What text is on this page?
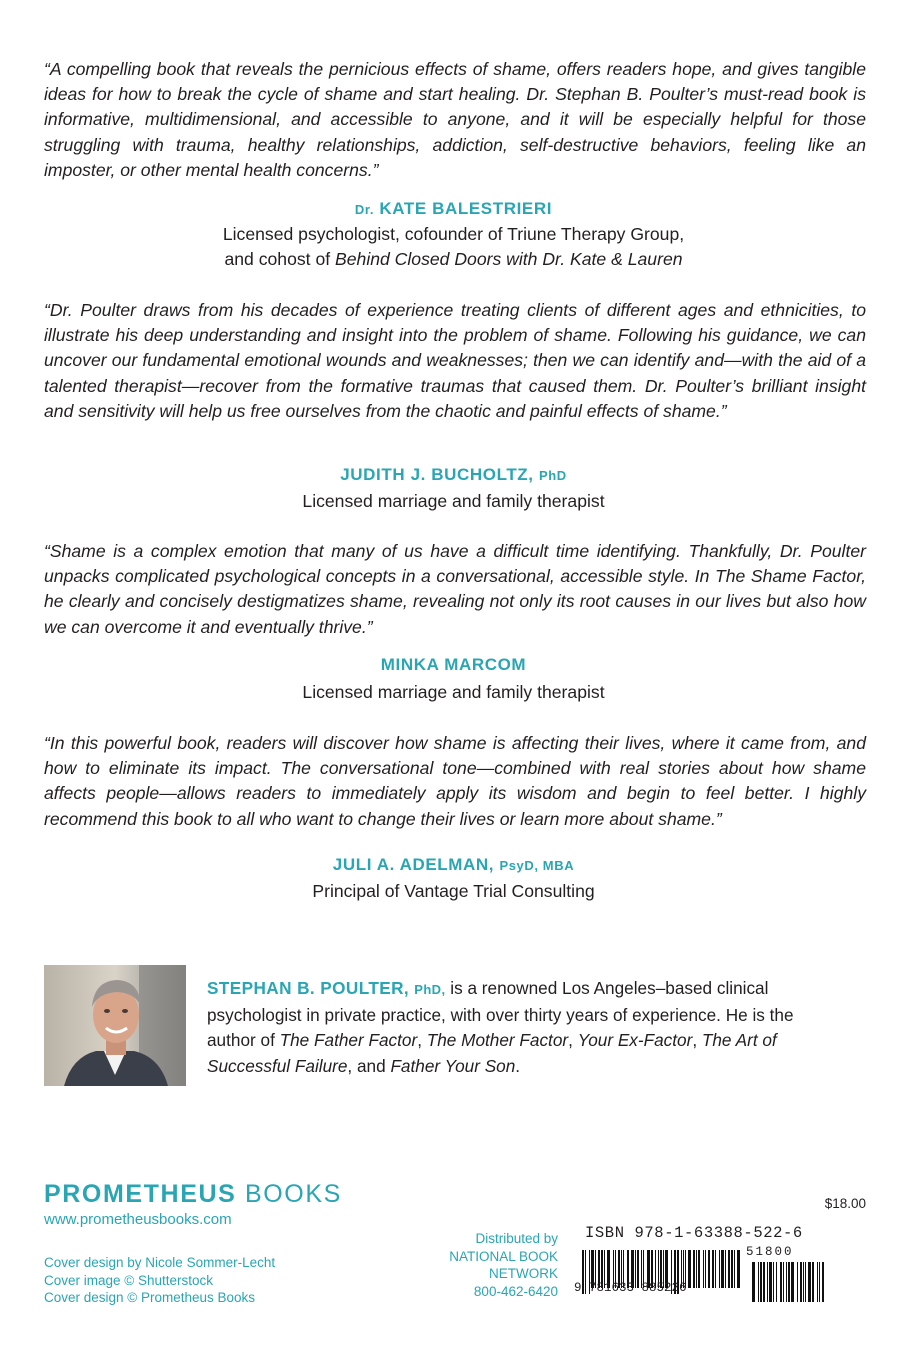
“A compelling book that reveals the pernicious effects of shame, offers readers hope, and gives tangible ideas for how to break the cycle of shame and start healing. Dr. Stephan B. Poulter’s must-read book is informative, multidimensional, and accessible to anyone, and it will be especially helpful for those struggling with trauma, healthy relationships, addiction, self-destructive behaviors, feeling like an imposter, or other mental health concerns.”
Dr. KATE BALESTRIERI
Licensed psychologist, cofounder of Triune Therapy Group,
and cohost of Behind Closed Doors with Dr. Kate & Lauren
“Dr. Poulter draws from his decades of experience treating clients of different ages and ethnicities, to illustrate his deep understanding and insight into the problem of shame. Following his guidance, we can uncover our fundamental emotional wounds and weaknesses; then we can identify and—with the aid of a talented therapist—recover from the formative traumas that caused them. Dr. Poulter’s brilliant insight and sensitivity will help us free ourselves from the chaotic and painful effects of shame.”
JUDITH J. BUCHOLTZ, PhD
Licensed marriage and family therapist
“Shame is a complex emotion that many of us have a difficult time identifying. Thankfully, Dr. Poulter unpacks complicated psychological concepts in a conversational, accessible style. In The Shame Factor, he clearly and concisely destigmatizes shame, revealing not only its root causes in our lives but also how we can overcome it and eventually thrive.”
MINKA MARCOM
Licensed marriage and family therapist
“In this powerful book, readers will discover how shame is affecting their lives, where it came from, and how to eliminate its impact. The conversational tone—combined with real stories about how shame affects people—allows readers to immediately apply its wisdom and begin to feel better. I highly recommend this book to all who want to change their lives or learn more about shame.”
JULI A. ADELMAN, PsyD, MBA
Principal of Vantage Trial Consulting
STEPHAN B. POULTER, PhD, is a renowned Los Angeles–based clinical psychologist in private practice, with over thirty years of experience. He is the author of The Father Factor, The Mother Factor, Your Ex-Factor, The Art of Successful Failure, and Father Your Son.
PROMETHEUS BOOKS
www.prometheusbooks.com
Cover design by Nicole Sommer-Lecht
Cover image © Shutterstock
Cover design © Prometheus Books
Distributed by
NATIONAL BOOK
NETWORK
800-462-6420
$18.00
ISBN 978-1-63388-522-6
51800
9 781633 885226
